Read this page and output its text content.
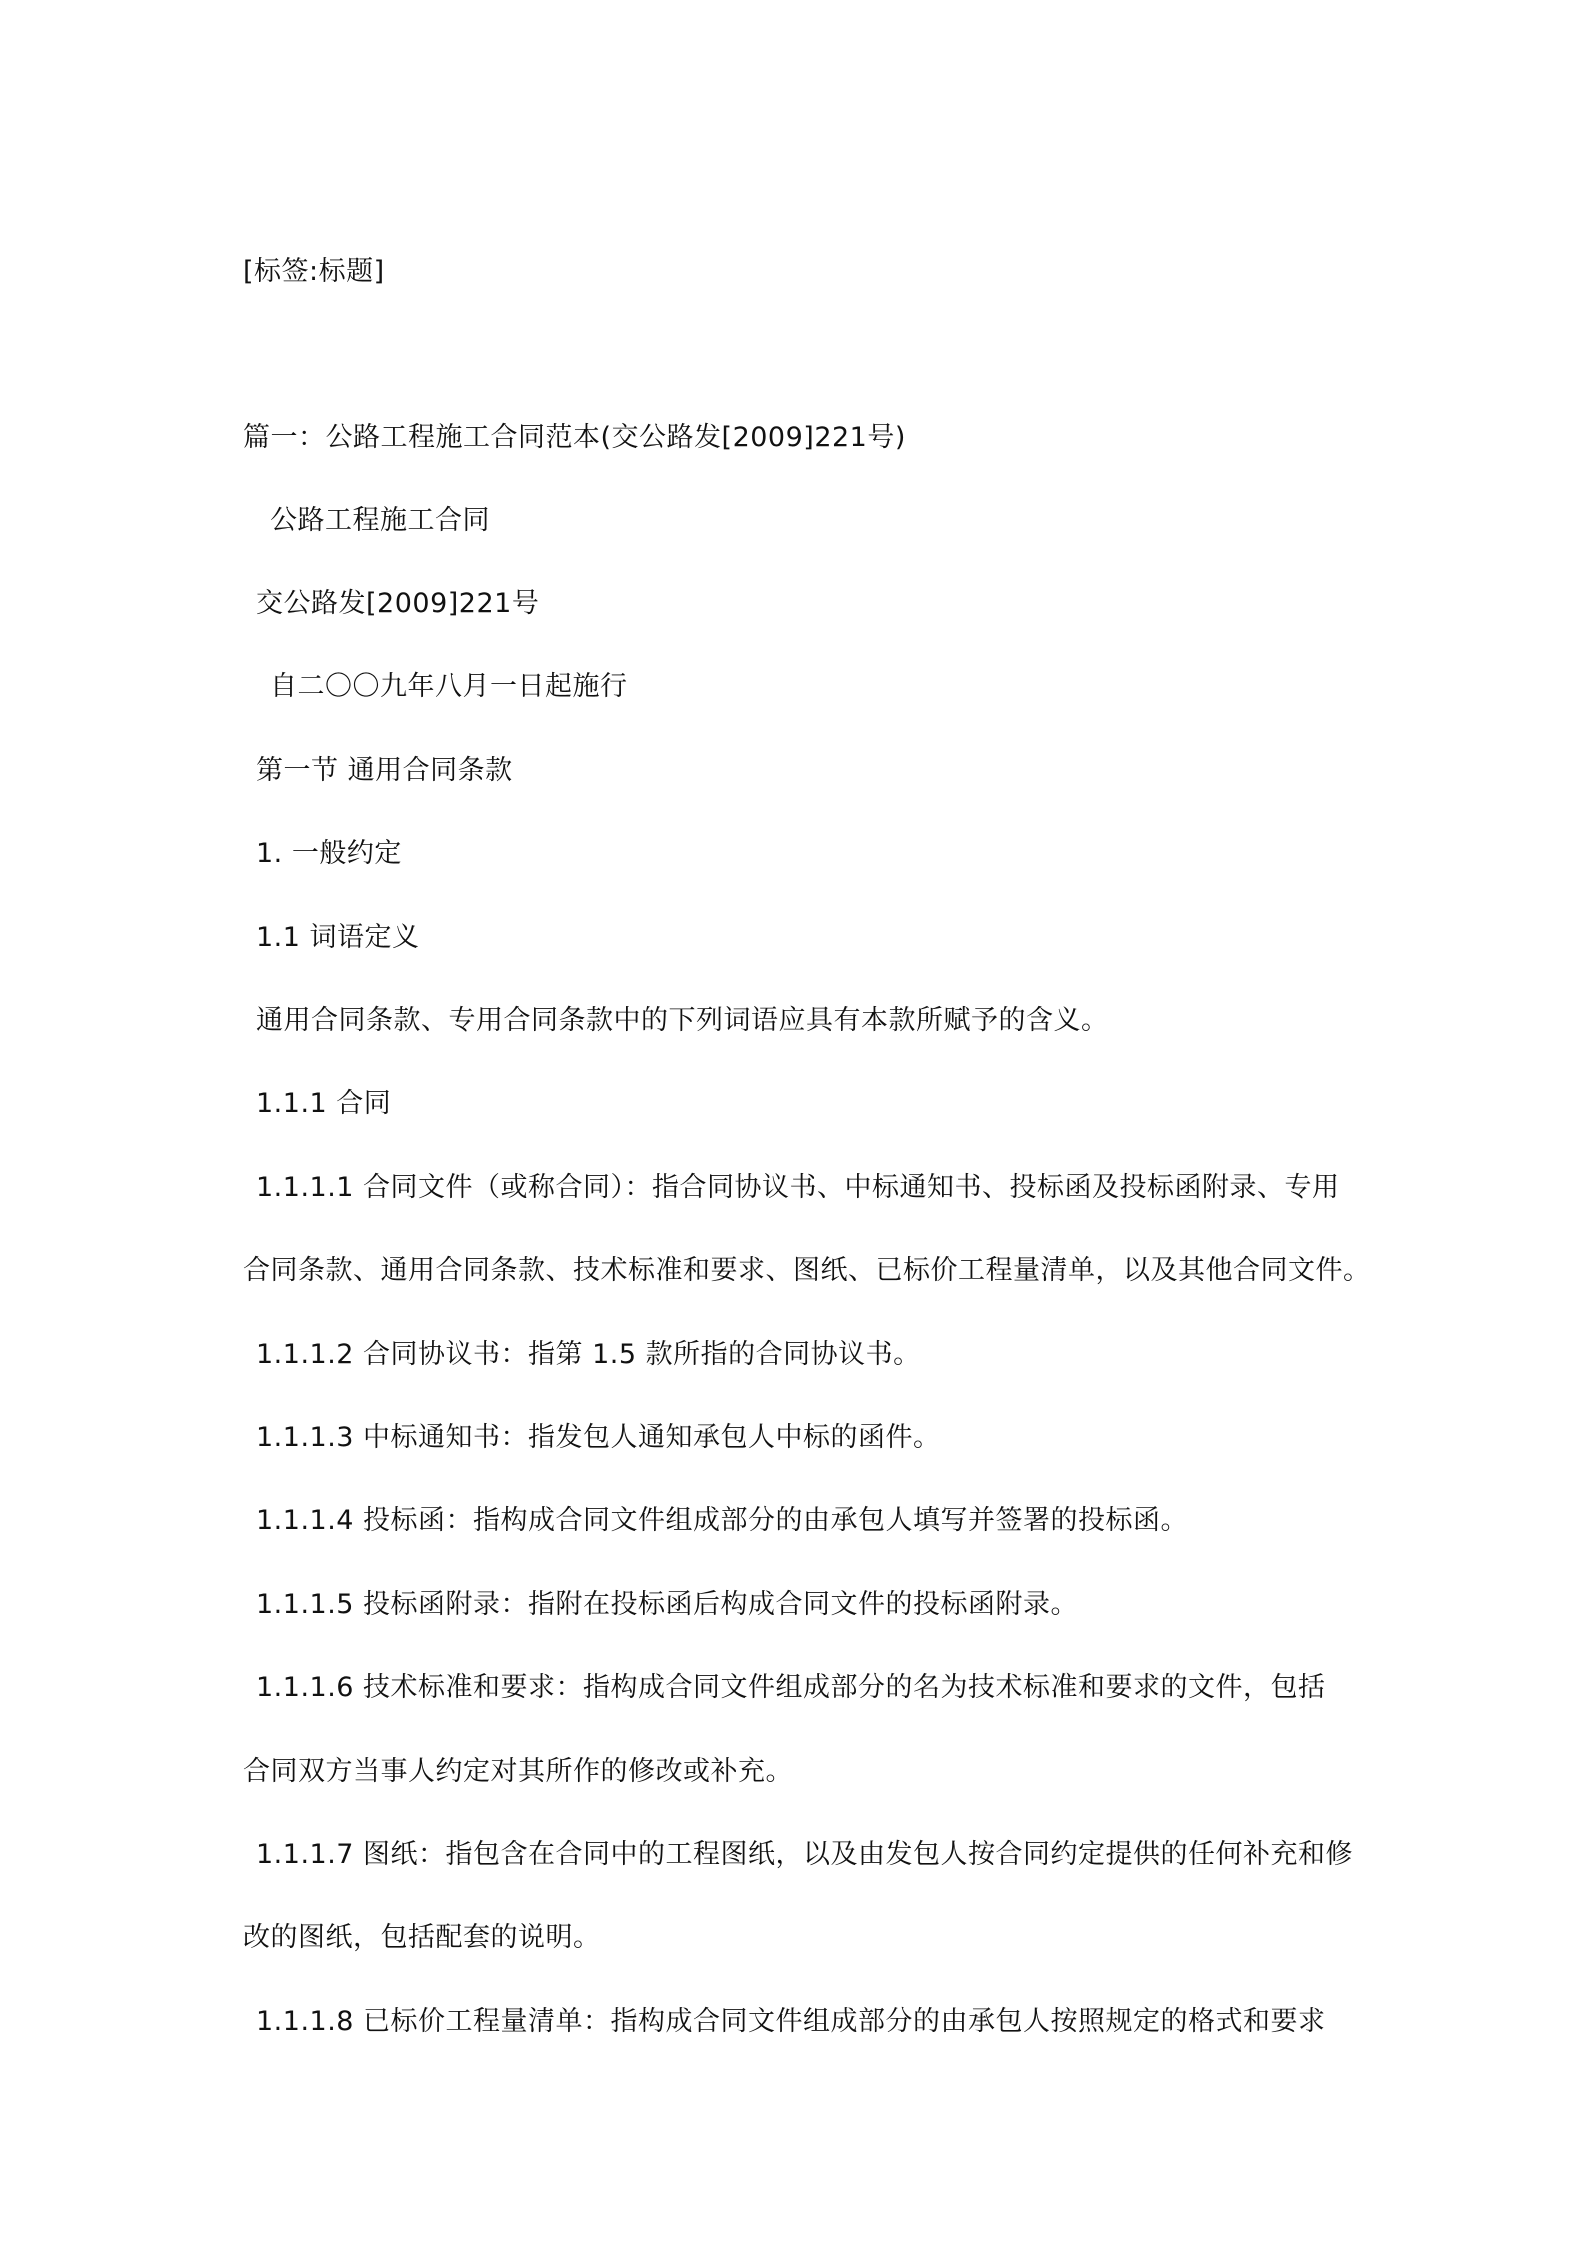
[标签:标题]
篇一：公路工程施工合同范本(交公路发[2009]221号)
公路工程施工合同
交公路发[2009]221号
自二〇〇九年八月一日起施行
第一节 通用合同条款
1. 一般约定
1.1 词语定义
通用合同条款、专用合同条款中的下列词语应具有本款所赋予的含义。
1.1.1 合同
1.1.1.1 合同文件（或称合同）：指合同协议书、中标通知书、投标函及投标函附录、专用
合同条款、通用合同条款、技术标准和要求、图纸、已标价工程量清单，以及其他合同文件。
1.1.1.2 合同协议书：指第 1.5 款所指的合同协议书。
1.1.1.3 中标通知书：指发包人通知承包人中标的函件。
1.1.1.4 投标函：指构成合同文件组成部分的由承包人填写并签署的投标函。
1.1.1.5 投标函附录：指附在投标函后构成合同文件的投标函附录。
1.1.1.6 技术标准和要求：指构成合同文件组成部分的名为技术标准和要求的文件，包括
合同双方当事人约定对其所作的修改或补充。
1.1.1.7 图纸：指包含在合同中的工程图纸，以及由发包人按合同约定提供的任何补充和修
改的图纸，包括配套的说明。
1.1.1.8 已标价工程量清单：指构成合同文件组成部分的由承包人按照规定的格式和要求
